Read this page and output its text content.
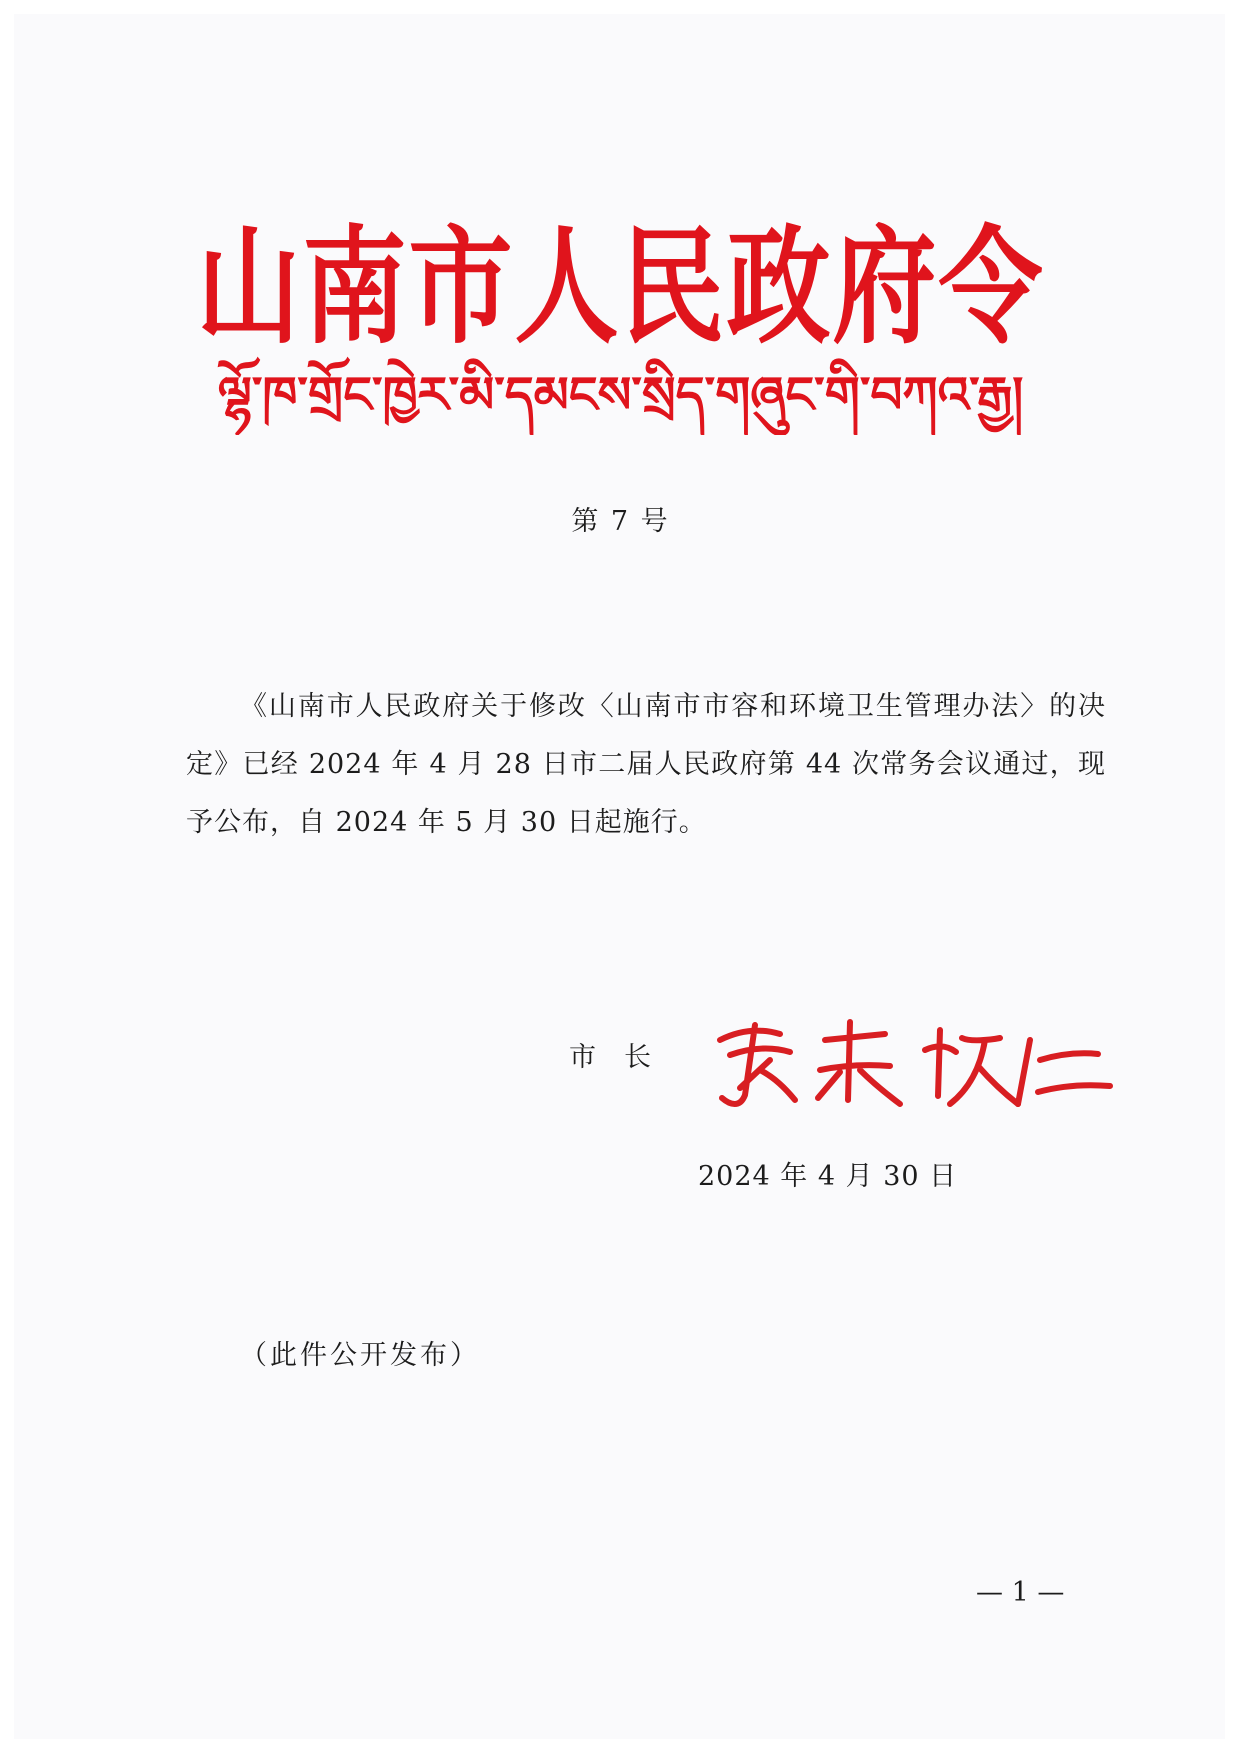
山南市人民政府令
ལྷོ་ཁ་གྲོང་ཁྱེར་མི་དམངས་སྲིད་གཞུང་གི་བཀའ་རྒྱ།
第 7 号
《山南市人民政府关于修改〈山南市市容和环境卫生管理办法〉的决定》已经 2024 年 4 月 28 日市二届人民政府第 44 次常务会议通过，现予公布，自 2024 年 5 月 30 日起施行。
市长
2024 年 4 月 30 日
（此件公开发布）
— 1 —
